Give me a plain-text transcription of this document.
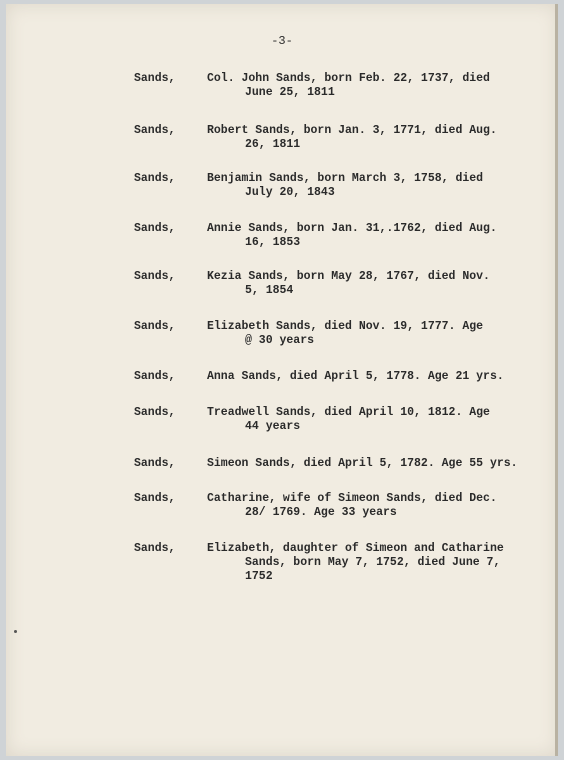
-3-
Sands,	Col. John Sands, born Feb. 22, 1737, died
June 25, 1811
Sands,	Robert Sands, born Jan. 3, 1771, died Aug.
26, 1811
Sands,	Benjamin Sands, born March 3, 1758, died
July 20, 1843
Sands,	Annie Sands, born Jan. 31,.1762, died Aug.
16, 1853
Sands,	Kezia Sands, born May 28, 1767, died Nov.
5, 1854
Sands,	Elizabeth Sands, died Nov. 19, 1777. Age
@ 30 years
Sands,	Anna Sands, died April 5, 1778. Age 21 yrs.
Sands,	Treadwell Sands, died April 10, 1812. Age
44 years
Sands,	Simeon Sands, died April 5, 1782. Age 55 yrs.
Sands,	Catharine, wife of Simeon Sands, died Dec.
28/ 1769. Age 33 years
Sands,	Elizabeth, daughter of Simeon and Catharine
Sands, born May 7, 1752, died June 7,
1752
